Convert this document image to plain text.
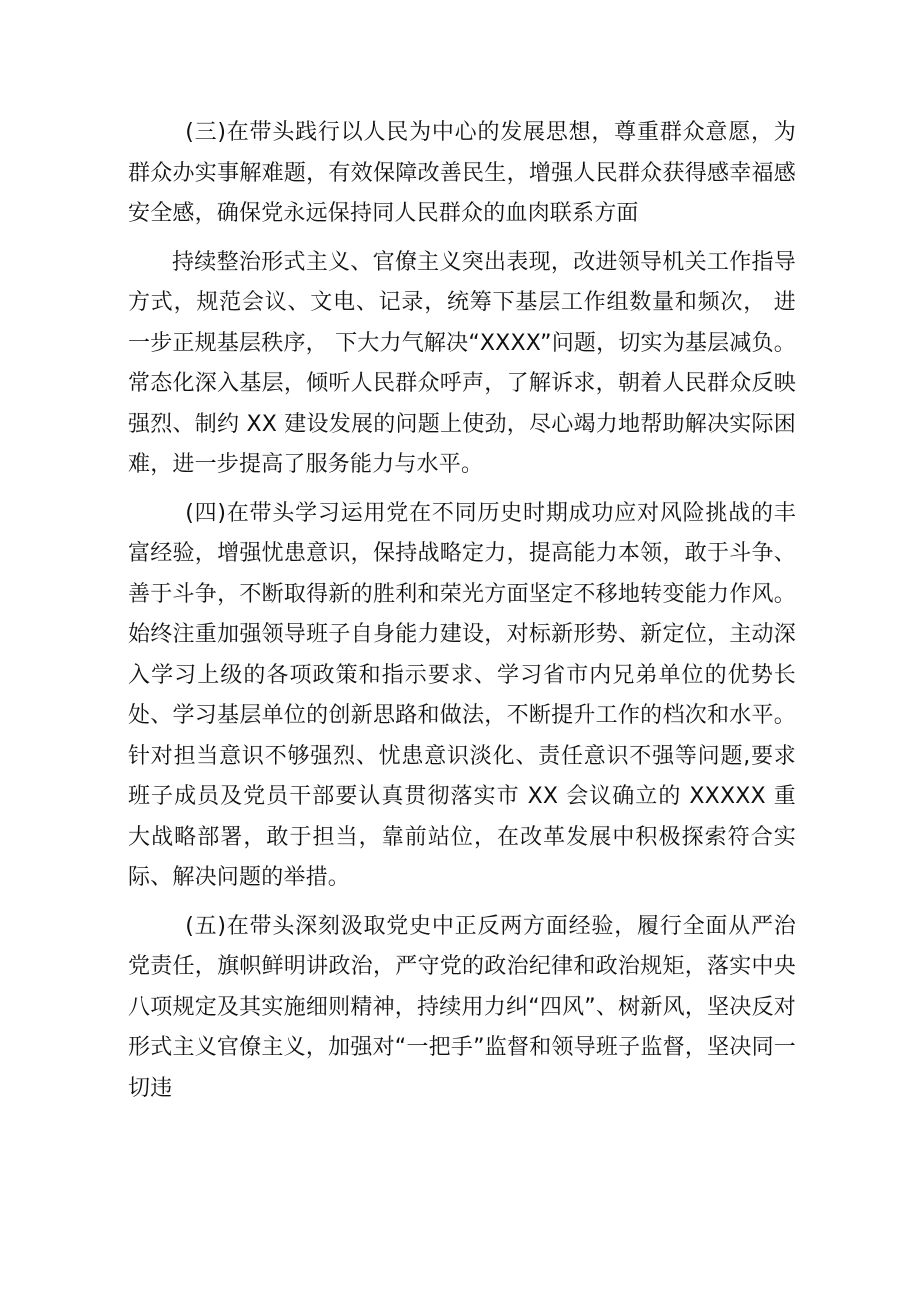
(三)在带头践行以人民为中心的发展思想，尊重群众意愿，为群众办实事解难题，有效保障改善民生，增强人民群众获得感幸福感安全感，确保党永远保持同人民群众的血肉联系方面

持续整治形式主义、官僚主义突出表现，改进领导机关工作指导方式，规范会议、文电、记录，统筹下基层工作组数量和频次， 进一步正规基层秩序， 下大力气解决“XXXX”问题，切实为基层减负。常态化深入基层，倾听人民群众呼声，了解诉求，朝着人民群众反映强烈、制约 XX 建设发展的问题上使劲，尽心竭力地帮助解决实际困难，进一步提高了服务能力与水平。

(四)在带头学习运用党在不同历史时期成功应对风险挑战的丰富经验，增强忧患意识，保持战略定力，提高能力本领，敢于斗争、善于斗争，不断取得新的胜利和荣光方面坚定不移地转变能力作风。始终注重加强领导班子自身能力建设，对标新形势、新定位，主动深入学习上级的各项政策和指示要求、学习省市内兄弟单位的优势长处、学习基层单位的创新思路和做法，不断提升工作的档次和水平。针对担当意识不够强烈、忧患意识淡化、责任意识不强等问题,要求班子成员及党员干部要认真贯彻落实市 XX 会议确立的 XXXXX 重大战略部署，敢于担当，靠前站位，在改革发展中积极探索符合实际、解决问题的举措。

(五)在带头深刻汲取党史中正反两方面经验，履行全面从严治党责任，旗帜鲜明讲政治，严守党的政治纪律和政治规矩，落实中央八项规定及其实施细则精神，持续用力纠“四风”、树新风，坚决反对形式主义官僚主义，加强对“一把手”监督和领导班子监督，坚决同一切违
